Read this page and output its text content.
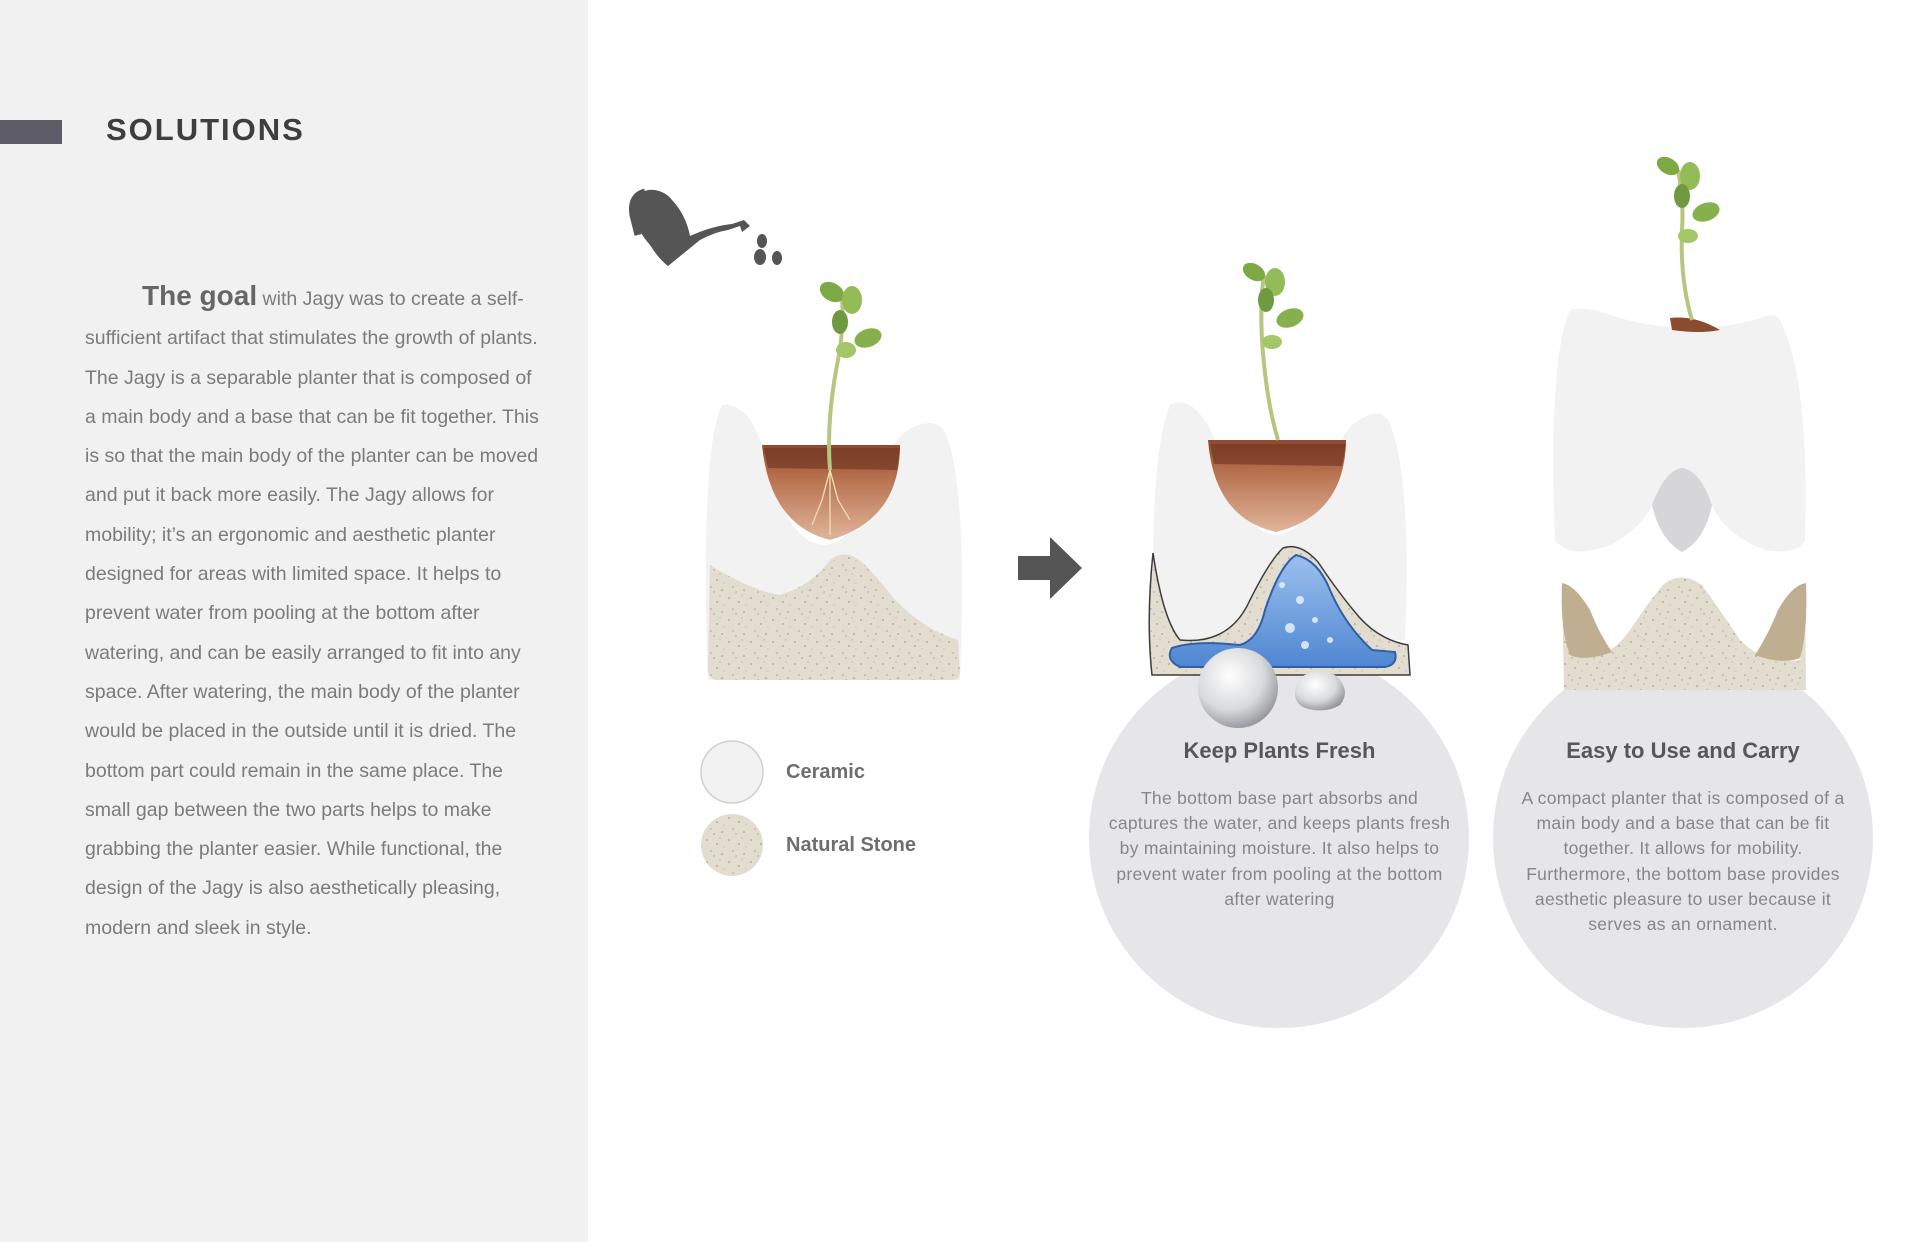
SOLUTIONS

The goal with Jagy was to create a self-sufficient artifact that stimulates the growth of plants. The Jagy is a separable planter that is composed of a main body and a base that can be fit together. This is so that the main body of the planter can be moved and put it back more easily. The Jagy allows for mobility; it’s an ergonomic and aesthetic planter designed for areas with limited space. It helps to prevent water from pooling at the bottom after watering, and can be easily arranged to fit into any space. After watering, the main body of the planter would be placed in the outside until it is dried. The bottom part could remain in the same place. The small gap between the two parts helps to make grabbing the planter easier. While functional, the design of the Jagy is also aesthetically pleasing, modern and sleek in style.

Ceramic
Natural Stone
Keep Plants Fresh

The bottom base part absorbs and captures the water, and keeps plants fresh by maintaining moisture. It also helps to prevent water from pooling at the bottom after watering

Easy to Use and Carry

A compact planter that is composed of a main body and a base that can be fit together. It allows for mobility. Furthermore, the bottom base provides aesthetic pleasure to user because it serves as an ornament.
